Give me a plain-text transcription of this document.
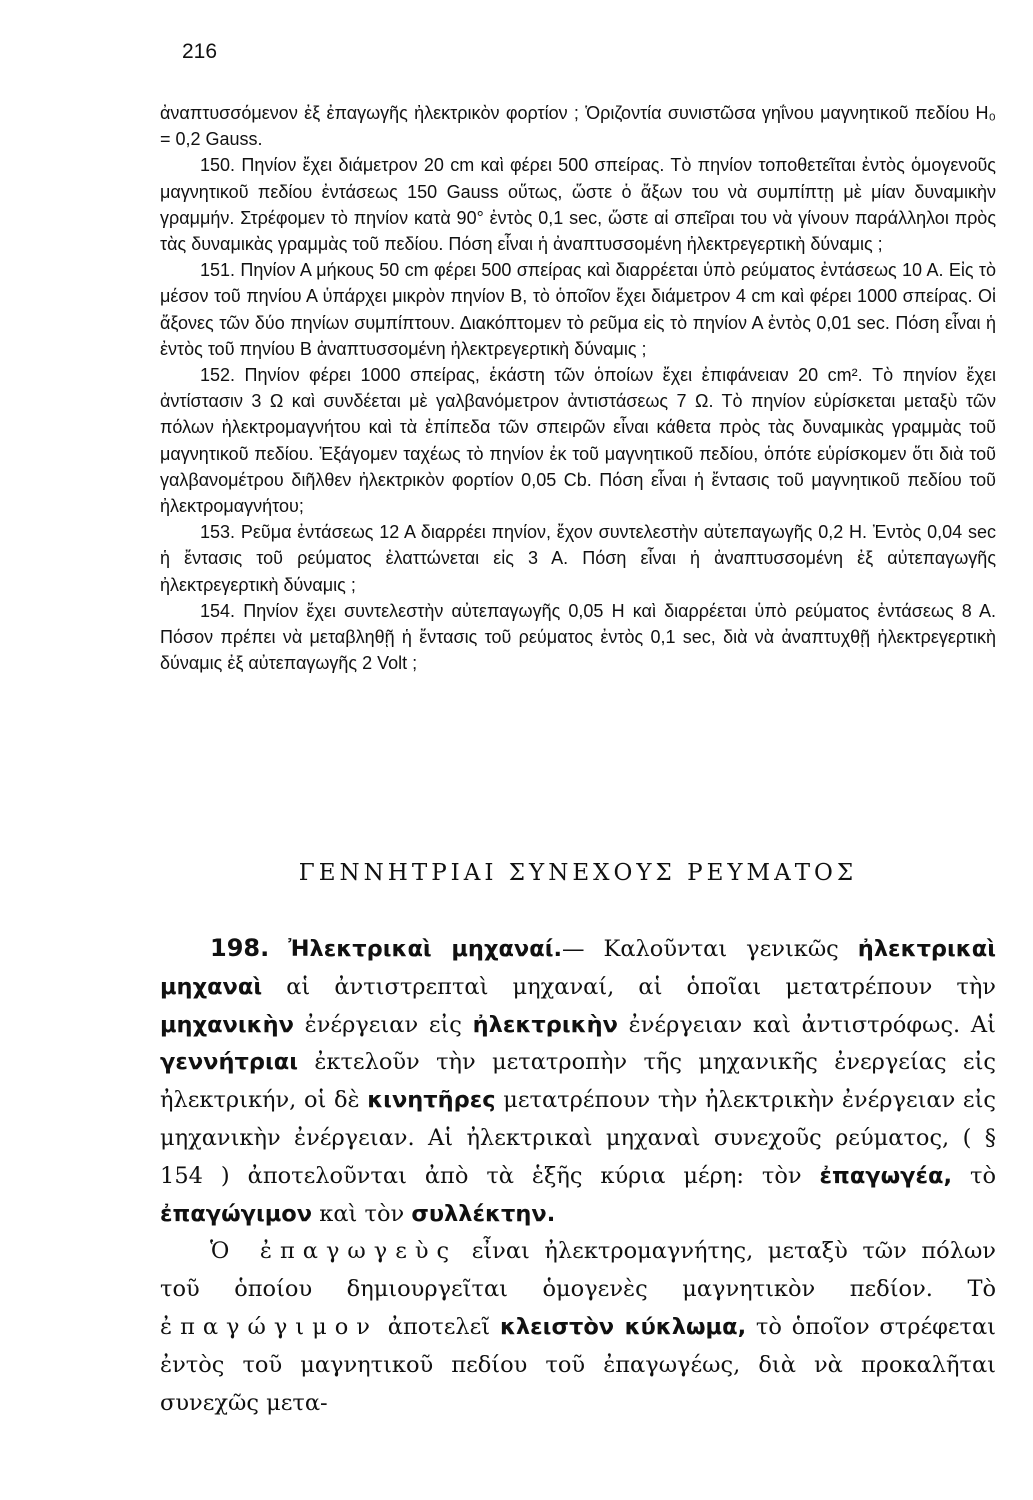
216

ἀναπτυσσόμενον ἐξ ἐπαγωγῆς ἠλεκτρικὸν φορτίον ; Ὁριζοντία συνιστῶσα γηΐνου μαγνητικοῦ πεδίου H₀ = 0,2 Gauss.

150. Πηνίον ἔχει διάμετρον 20 cm καὶ φέρει 500 σπείρας. Τὸ πηνίον τοποθετεῖται ἐντὸς ὁμογενοῦς μαγνητικοῦ πεδίου ἐντάσεως 150 Gauss οὕτως, ὥστε ὁ ἄξων του νὰ συμπίπτῃ μὲ μίαν δυναμικὴν γραμμήν. Στρέφομεν τὸ πηνίον κατὰ 90° ἐντὸς 0,1 sec, ὥστε αἱ σπεῖραι του νὰ γίνουν παράλληλοι πρὸς τὰς δυναμικὰς γραμμὰς τοῦ πεδίου. Πόση εἶναι ἡ ἀναπτυσσομένη ἠλεκτρεγερτικὴ δύναμις ;

151. Πηνίον Α μήκους 50 cm φέρει 500 σπείρας καὶ διαρρέεται ὑπὸ ρεύματος ἐντάσεως 10 Α. Εἰς τὸ μέσον τοῦ πηνίου Α ὑπάρχει μικρὸν πηνίον Β, τὸ ὁποῖον ἔχει διάμετρον 4 cm καὶ φέρει 1000 σπείρας. Οἱ ἄξονες τῶν δύο πηνίων συμπίπτουν. Διακόπτομεν τὸ ρεῦμα εἰς τὸ πηνίον Α ἐντὸς 0,01 sec. Πόση εἶναι ἡ ἐντὸς τοῦ πηνίου Β ἀναπτυσσομένη ἠλεκτρεγερτικὴ δύναμις ;

152. Πηνίον φέρει 1000 σπείρας, ἑκάστη τῶν ὁποίων ἔχει ἐπιφάνειαν 20 cm². Τὸ πηνίον ἔχει ἀντίστασιν 3 Ω καὶ συνδέεται μὲ γαλβανόμετρον ἀντιστάσεως 7 Ω. Τὸ πηνίον εὑρίσκεται μεταξὺ τῶν πόλων ἠλεκτρομαγνήτου καὶ τὰ ἐπίπεδα τῶν σπειρῶν εἶναι κάθετα πρὸς τὰς δυναμικὰς γραμμὰς τοῦ μαγνητικοῦ πεδίου. Ἐξάγομεν ταχέως τὸ πηνίον ἐκ τοῦ μαγνητικοῦ πεδίου, ὁπότε εὑρίσκομεν ὅτι διὰ τοῦ γαλβανομέτρου διῆλθεν ἠλεκτρικὸν φορτίον 0,05 Cb. Πόση εἶναι ἡ ἔντασις τοῦ μαγνητικοῦ πεδίου τοῦ ἠλεκτρομαγνήτου;

153. Ρεῦμα ἐντάσεως 12 Α διαρρέει πηνίον, ἔχον συντελεστὴν αὐτεπαγωγῆς 0,2 Η. Ἐντὸς 0,04 sec ἡ ἔντασις τοῦ ρεύματος ἐλαττώνεται εἰς 3 Α. Πόση εἶναι ἡ ἀναπτυσσομένη ἐξ αὐτεπαγωγῆς ἠλεκτρεγερτικὴ δύναμις ;

154. Πηνίον ἔχει συντελεστὴν αὐτεπαγωγῆς 0,05 Η καὶ διαρρέεται ὑπὸ ρεύματος ἐντάσεως 8 Α. Πόσον πρέπει νὰ μεταβληθῇ ἡ ἔντασις τοῦ ρεύματος ἐντὸς 0,1 sec, διὰ νὰ ἀναπτυχθῇ ἠλεκτρεγερτικὴ δύναμις ἐξ αὐτεπαγωγῆς 2 Volt ;

ΓΕΝΝΗΤΡΙΑΙ ΣΥΝΕΧΟΥΣ ΡΕΥΜΑΤΟΣ

198. Ἠλεκτρικαὶ μηχαναί.— Καλοῦνται γενικῶς ἠλεκτρικαὶ μηχαναὶ αἱ ἀντιστρεπταὶ μηχαναί, αἱ ὁποῖαι μετατρέπουν τὴν μηχανικὴν ἐνέργειαν εἰς ἠλεκτρικὴν ἐνέργειαν καὶ ἀντιστρόφως. Αἱ γεννήτριαι ἐκτελοῦν τὴν μετατροπὴν τῆς μηχανικῆς ἐνεργείας εἰς ἠλεκτρικήν, οἱ δὲ κινητῆρες μετατρέπουν τὴν ἠλεκτρικὴν ἐνέργειαν εἰς μηχανικὴν ἐνέργειαν. Αἱ ἠλεκτρικαὶ μηχαναὶ συνεχοῦς ρεύματος, ( § 154 ) ἀποτελοῦνται ἀπὸ τὰ ἑξῆς κύρια μέρη: τὸν ἐπαγωγέα, τὸ ἐπαγώγιμον καὶ τὸν συλλέκτην.

Ὁ ἐπαγωγεὺς εἶναι ἠλεκτρομαγνήτης, μεταξὺ τῶν πόλων τοῦ ὁποίου δημιουργεῖται ὁμογενὲς μαγνητικὸν πεδίον. Τὸ ἐπαγώγιμον ἀποτελεῖ κλειστὸν κύκλωμα, τὸ ὁποῖον στρέφεται ἐντὸς τοῦ μαγνητικοῦ πεδίου τοῦ ἐπαγωγέως, διὰ νὰ προκαλῆται συνεχῶς μετα-
